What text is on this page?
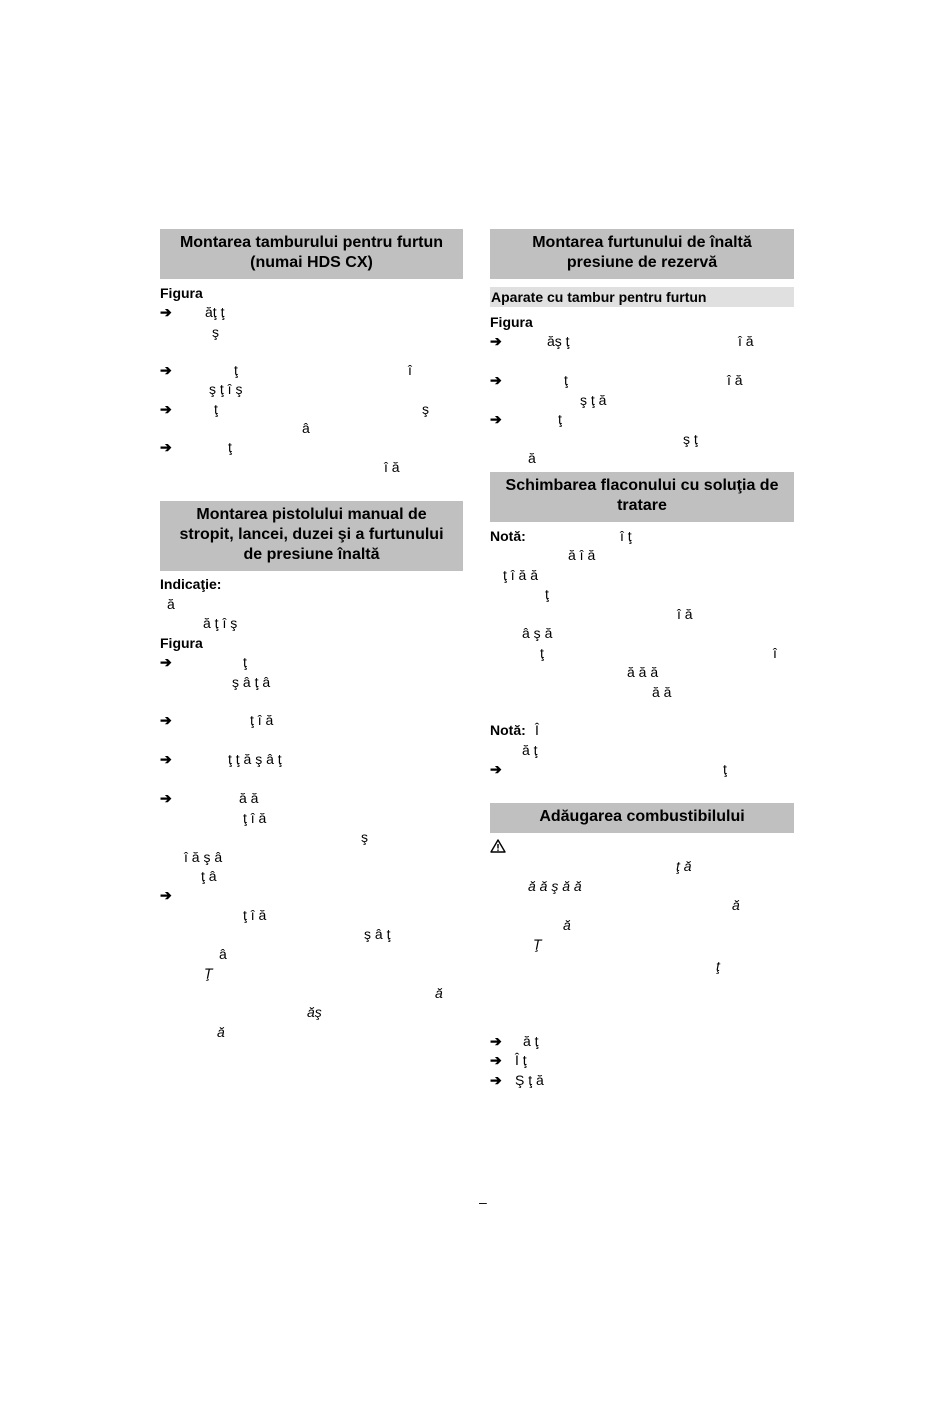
Montarea tamburului pentru furtun
(numai HDS CX)
Figura
➔ ăţ ţ
ş
➔	ţ	î
ş ţ î ş
➔	ţ	ş
â
➔	ţ
î ă
Montarea pistolului manual de
stropit, lancei, duzei şi a furtunului
de presiune înaltă
Indicaţie:
ă
ă ţ î ş
Figura
➔	ţ
ş â ţ â
➔	ţ î ă
➔	ţ ţ ă ş â ţ
➔	ă ă
ţ î ă
ş
î ă ş â
ţ â
➔
ţ î ă
ş â ţ
â
Ţ
ă
ăş
ă
Montarea furtunului de înaltă
presiune de rezervă
Aparate cu tambur pentru furtun
Figura
➔	ăş ţ	î ă
➔	ţ	î ă
ş ţ ă
➔	ţ
ş ţ
ă
Schimbarea flaconului cu soluţia de
tratare
Notă:	î ţ
ă î ă
ţ î ă ă
ţ
î ă
â ş ă
ţ	î
ă ă ă
ă ă
Notă: Î
ă ţ
➔	ţ
Adăugarea combustibilului
ţ ă
ă ă ş ă ă
ă
ă
Ţ
ţ
➔ ă ţ
➔ Î ţ
➔ Ş ţ ă
–
